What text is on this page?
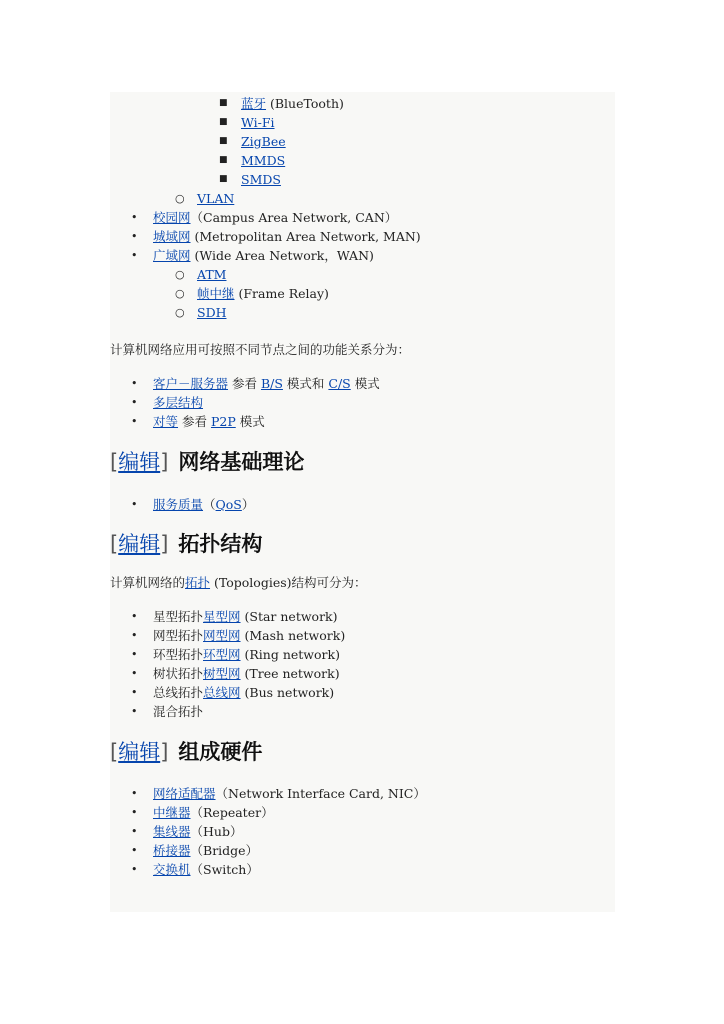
■ 蓝牙 (BlueTooth)
■ Wi-Fi
■ ZigBee
■ MMDS
■ SMDS
○ VLAN
• 校园网（Campus Area Network, CAN）
• 城域网 (Metropolitan Area Network, MAN)
• 广域网 (Wide Area Network，WAN)
○ ATM
○ 帧中继 (Frame Relay)
○ SDH

计算机网络应用可按照不同节点之间的功能关系分为：

• 客户－服务器 参看 B/S 模式和 C/S 模式
• 多层结构
• 对等 参看 P2P 模式
[编辑] 网络基础理论
• 服务质量（QoS）
[编辑] 拓扑结构

计算机网络的拓扑 (Topologies)结构可分为：

• 星型拓扑星型网 (Star network)
• 网型拓扑网型网 (Mash network)
• 环型拓扑环型网 (Ring network)
• 树状拓扑树型网 (Tree network)
• 总线拓扑总线网 (Bus network)
• 混合拓扑
[编辑] 组成硬件
• 网络适配器（Network Interface Card, NIC）
• 中继器（Repeater）
• 集线器（Hub）
• 桥接器（Bridge）
• 交换机（Switch）
